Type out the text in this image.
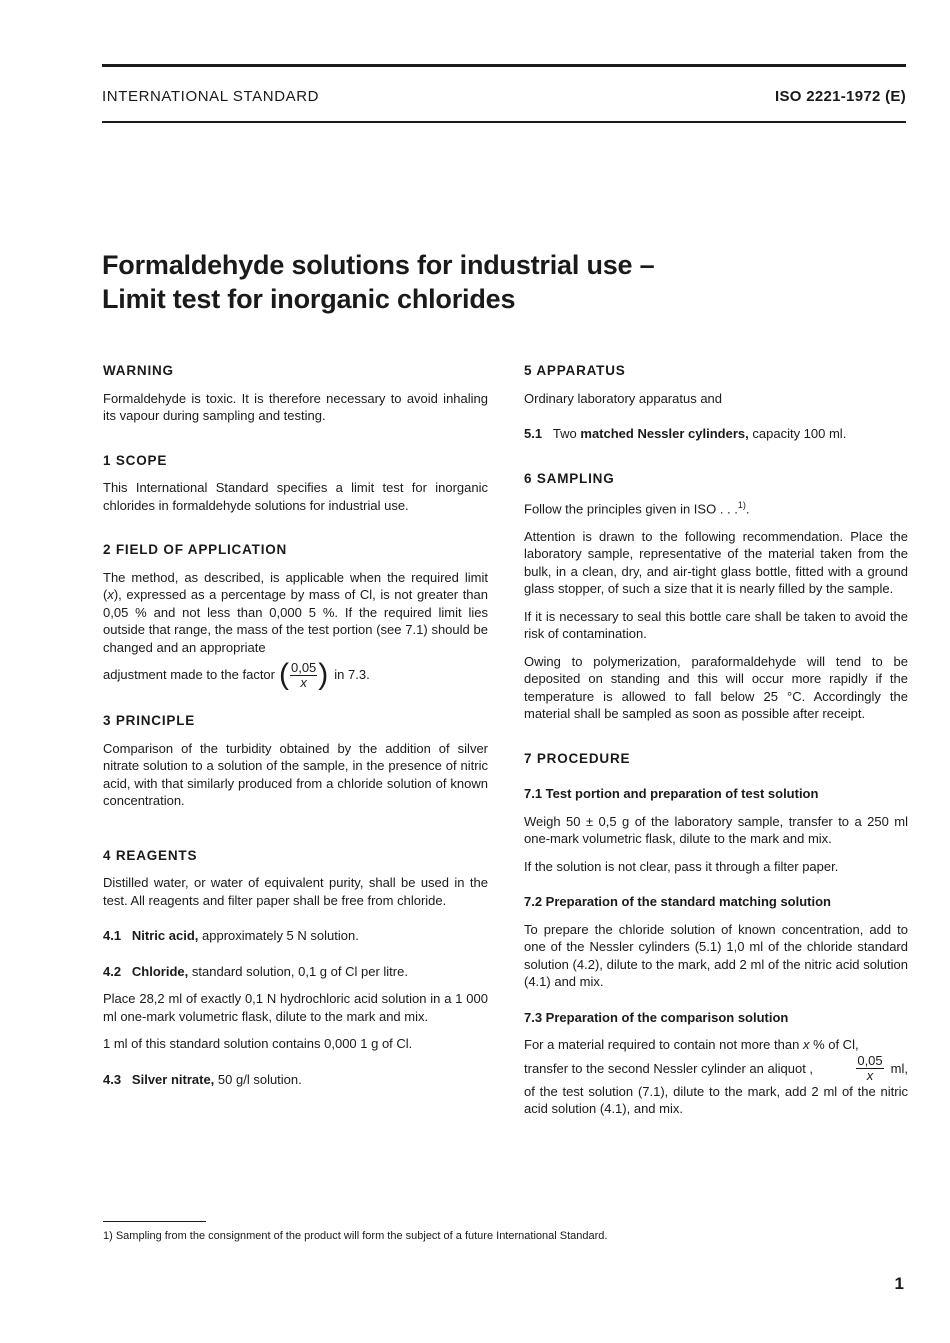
INTERNATIONAL STANDARD	ISO 2221-1972 (E)
Formaldehyde solutions for industrial use –
Limit test for inorganic chlorides
WARNING

Formaldehyde is toxic. It is therefore necessary to avoid inhaling its vapour during sampling and testing.

1 SCOPE

This International Standard specifies a limit test for inorganic chlorides in formaldehyde solutions for industrial use.

2 FIELD OF APPLICATION

The method, as described, is applicable when the required limit (x), expressed as a percentage by mass of Cl, is not greater than 0,05 % and not less than 0,000 5 %. If the required limit lies outside that range, the mass of the test portion (see 7.1) should be changed and an appropriate

adjustment made to the factor ( $\frac{0,05}{x}$ ) in 7.3.
3 PRINCIPLE

Comparison of the turbidity obtained by the addition of silver nitrate solution to a solution of the sample, in the presence of nitric acid, with that similarly produced from a chloride solution of known concentration.

4 REAGENTS

Distilled water, or water of equivalent purity, shall be used in the test. All reagents and filter paper shall be free from chloride.

4.1 Nitric acid, approximately 5 N solution.

4.2 Chloride, standard solution, 0,1 g of Cl per litre.

Place 28,2 ml of exactly 0,1 N hydrochloric acid solution in a 1 000 ml one-mark volumetric flask, dilute to the mark and mix.

1 ml of this standard solution contains 0,000 1 g of Cl.

4.3 Silver nitrate, 50 g/l solution.

5 APPARATUS

Ordinary laboratory apparatus and

5.1 Two matched Nessler cylinders, capacity 100 ml.

6 SAMPLING

Follow the principles given in ISO . . .$^{1)}$.

Attention is drawn to the following recommendation. Place the laboratory sample, representative of the material taken from the bulk, in a clean, dry, and air-tight glass bottle, fitted with a ground glass stopper, of such a size that it is nearly filled by the sample.

If it is necessary to seal this bottle care shall be taken to avoid the risk of contamination.

Owing to polymerization, paraformaldehyde will tend to be deposited on standing and this will occur more rapidly if the temperature is allowed to fall below 25 °C. Accordingly the material shall be sampled as soon as possible after receipt.

7 PROCEDURE
7.1 Test portion and preparation of test solution

Weigh 50 ± 0,5 g of the laboratory sample, transfer to a 250 ml one-mark volumetric flask, dilute to the mark and mix.

If the solution is not clear, pass it through a filter paper.

7.2 Preparation of the standard matching solution

To prepare the chloride solution of known concentration, add to one of the Nessler cylinders (5.1) 1,0 ml of the chloride standard solution (4.2), dilute to the mark, add 2 ml of the nitric acid solution (4.1) and mix.

7.3 Preparation of the comparison solution

For a material required to contain not more than x % of Cl,

transfer to the second Nessler cylinder an aliquot ,	$\frac{0,05}{x}$ ml,

of the test solution (7.1), dilute to the mark, add 2 ml of the nitric acid solution (4.1), and mix.

1) Sampling from the consignment of the product will form the subject of a future International Standard.
1
